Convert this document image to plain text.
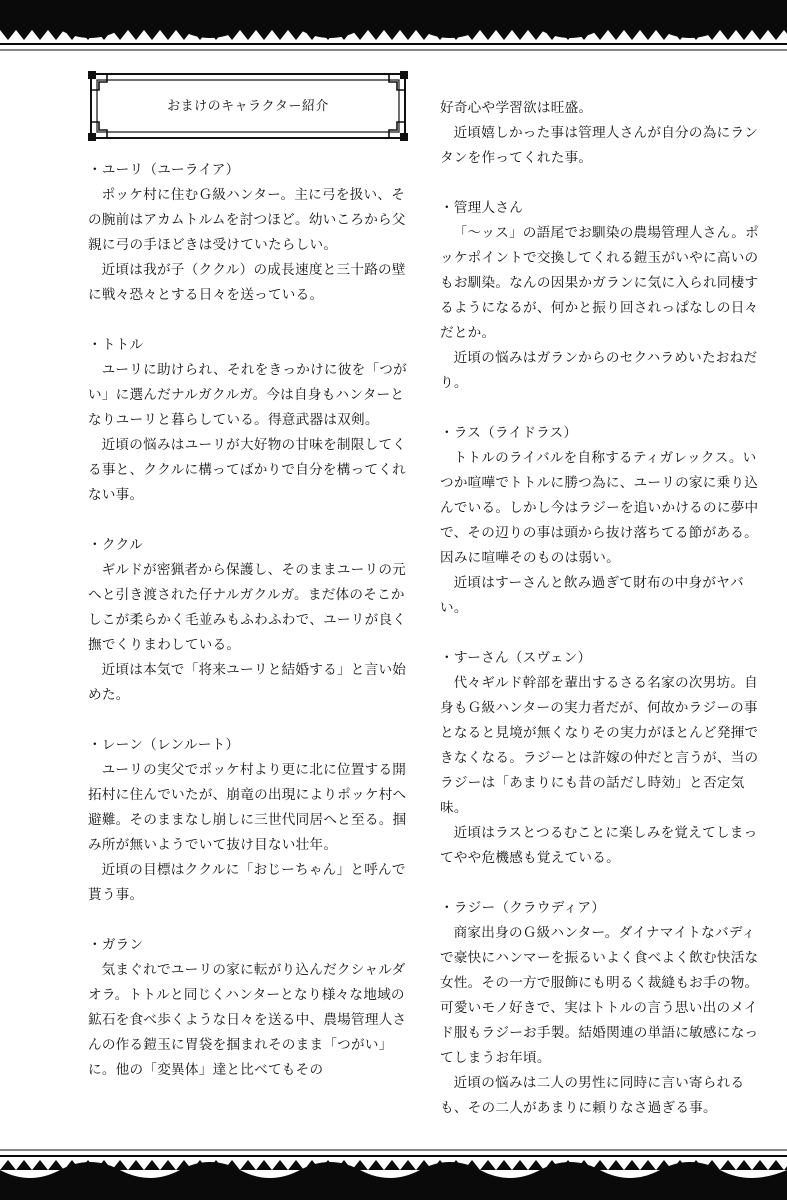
おまけのキャラクター紹介
・ユーリ（ユーライア）

ポッケ村に住むＧ級ハンター。主に弓を扱い、その腕前はアカムトルムを討つほど。幼いころから父親に弓の手ほどきは受けていたらしい。

近頃は我が子（ククル）の成長速度と三十路の壁に戦々恐々とする日々を送っている。

・トトル

ユーリに助けられ、それをきっかけに彼を「つがい」に選んだナルガクルガ。今は自身もハンターとなりユーリと暮らしている。得意武器は双剣。

近頃の悩みはユーリが大好物の甘味を制限してくる事と、ククルに構ってばかりで自分を構ってくれない事。

・ククル

ギルドが密猟者から保護し、そのままユーリの元へと引き渡された仔ナルガクルガ。まだ体のそこかしこが柔らかく毛並みもふわふわで、ユーリが良く撫でくりまわしている。

近頃は本気で「将来ユーリと結婚する」と言い始めた。

・レーン（レンルート）

ユーリの実父でポッケ村より更に北に位置する開拓村に住んでいたが、崩竜の出現によりポッケ村へ避難。そのままなし崩しに三世代同居へと至る。掴み所が無いようでいて抜け目ない壮年。

近頃の目標はククルに「おじーちゃん」と呼んで貰う事。

・ガラン

気まぐれでユーリの家に転がり込んだクシャルダオラ。トトルと同じくハンターとなり様々な地域の鉱石を食べ歩くような日々を送る中、農場管理人さんの作る鎧玉に胃袋を掴まれそのまま「つがい」に。他の「変異体」達と比べてもその

好奇心や学習欲は旺盛。

近頃嬉しかった事は管理人さんが自分の為にランタンを作ってくれた事。

・管理人さん

「～ッス」の語尾でお馴染の農場管理人さん。ポッケポイントで交換してくれる鎧玉がいやに高いのもお馴染。なんの因果かガランに気に入られ同棲するようになるが、何かと振り回されっぱなしの日々だとか。

近頃の悩みはガランからのセクハラめいたおねだり。

・ラス（ライドラス）

トトルのライバルを自称するティガレックス。いつか喧嘩でトトルに勝つ為に、ユーリの家に乗り込んでいる。しかし今はラジーを追いかけるのに夢中で、その辺りの事は頭から抜け落ちてる節がある。因みに喧嘩そのものは弱い。

近頃はすーさんと飲み過ぎて財布の中身がヤバい。

・すーさん（スヴェン）

代々ギルド幹部を輩出するさる名家の次男坊。自身もＧ級ハンターの実力者だが、何故かラジーの事となると見境が無くなりその実力がほとんど発揮できなくなる。ラジーとは許嫁の仲だと言うが、当のラジーは「あまりにも昔の話だし時効」と否定気味。

近頃はラスとつるむことに楽しみを覚えてしまってやや危機感も覚えている。

・ラジー（クラウディア）

商家出身のＧ級ハンター。ダイナマイトなバディで豪快にハンマーを振るいよく食べよく飲む快活な女性。その一方で服飾にも明るく裁縫もお手の物。可愛いモノ好きで、実はトトルの言う思い出のメイド服もラジーお手製。結婚関連の単語に敏感になってしまうお年頃。

近頃の悩みは二人の男性に同時に言い寄られるも、その二人があまりに頼りなさ過ぎる事。
